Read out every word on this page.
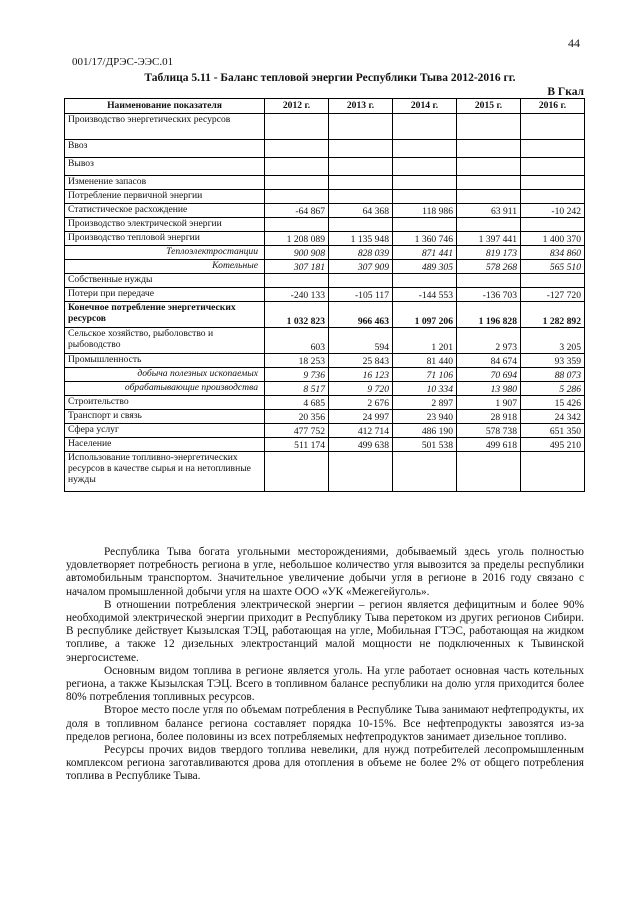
44
001/17/ДРЭС-ЭЭС.01
Таблица 5.11 - Баланс тепловой энергии Республики Тыва 2012-2016 гг.
В Гкал
Наименование показателя	2012 г.	2013 г.	2014 г.	2015 г.	2016 г.
Производство энергетических ресурсов					
Ввоз					
Вывоз					
Изменение запасов					
Потребление первичной энергии					
Статистическое расхождение	-64 867	64 368	118 986	63 911	-10 242
Производство электрической энергии					
Производство тепловой энергии	1 208 089	1 135 948	1 360 746	1 397 441	1 400 370
Теплоэлектростанции	900 908	828 039	871 441	819 173	834 860
Котельные	307 181	307 909	489 305	578 268	565 510
Собственные нужды					
Потери при передаче	-240 133	-105 117	-144 553	-136 703	-127 720
Конечное потребление энергетических ресурсов	1 032 823	966 463	1 097 206	1 196 828	1 282 892
Сельское хозяйство, рыболовство и рыбоводство	603	594	1 201	2 973	3 205
Промышленность	18 253	25 843	81 440	84 674	93 359
добыча полезных ископаемых	9 736	16 123	71 106	70 694	88 073
обрабатывающие производства	8 517	9 720	10 334	13 980	5 286
Строительство	4 685	2 676	2 897	1 907	15 426
Транспорт и связь	20 356	24 997	23 940	28 918	24 342
Сфера услуг	477 752	412 714	486 190	578 738	651 350
Население	511 174	499 638	501 538	499 618	495 210
Использование топливно-энергетических ресурсов в качестве сырья и на нетопливные нужды					

Республика Тыва богата угольными месторождениями, добываемый здесь уголь полностью удовлетворяет потребность региона в угле, небольшое количество угля вывозится за пределы республики автомобильным транспортом. Значительное увеличение добычи угля в регионе в 2016 году связано с началом промышленной добычи угля на шахте ООО «УК «Межегейуголь».

В отношении потребления электрической энергии – регион является дефицитным и более 90% необходимой электрической энергии приходит в Республику Тыва перетоком из других регионов Сибири. В республике действует Кызылская ТЭЦ, работающая на угле, Мобильная ГТЭС, работающая на жидком топливе, а также 12 дизельных электростанций малой мощности не подключенных к Тывинской энергосистеме.

Основным видом топлива в регионе является уголь. На угле работает основная часть котельных региона, а также Кызылская ТЭЦ. Всего в топливном балансе республики на долю угля приходится более 80% потребления топливных ресурсов.

Второе место после угля по объемам потребления в Республике Тыва занимают нефтепродукты, их доля в топливном балансе региона составляет порядка 10-15%. Все нефтепродукты завозятся из-за пределов региона, более половины из всех потребляемых нефтепродуктов занимает дизельное топливо.

Ресурсы прочих видов твердого топлива невелики, для нужд потребителей лесопромышленным комплексом региона заготавливаются дрова для отопления в объеме не более 2% от общего потребления топлива в Республике Тыва.
